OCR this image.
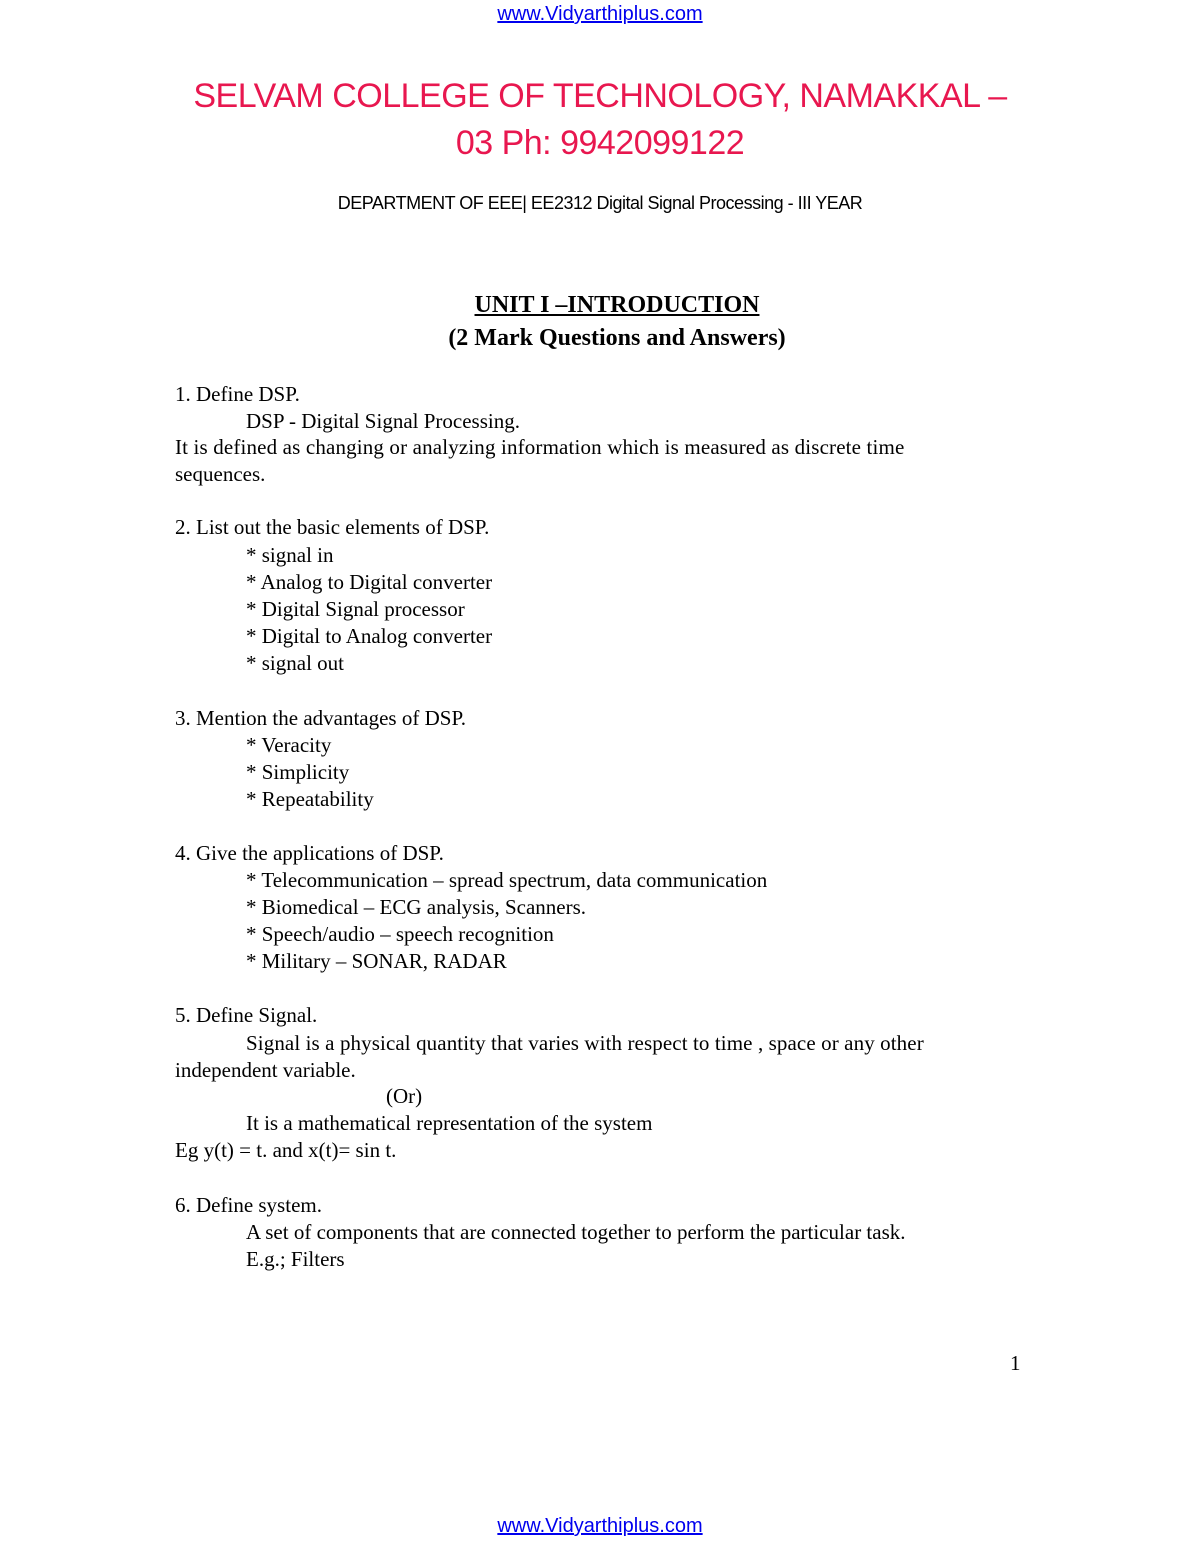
www.Vidyarthiplus.com
SELVAM COLLEGE OF TECHNOLOGY, NAMAKKAL –
03 Ph: 9942099122
DEPARTMENT OF EEE| EE2312 Digital Signal Processing - III YEAR
UNIT I –INTRODUCTION
(2 Mark Questions and Answers)
1. Define DSP.
DSP - Digital Signal Processing.
It is defined as changing or analyzing information which is measured as discrete time
sequences.
2. List out the basic elements of DSP.
* signal in
* Analog to Digital converter
* Digital Signal processor
* Digital to Analog converter
* signal out
3. Mention the advantages of DSP.
* Veracity
* Simplicity
* Repeatability
4. Give the applications of DSP.
* Telecommunication – spread spectrum, data communication
* Biomedical – ECG analysis, Scanners.
* Speech/audio – speech recognition
* Military – SONAR, RADAR
5. Define Signal.
Signal is a physical quantity that varies with respect to time , space or any other
independent variable.
(Or)
It is a mathematical representation of the system
Eg y(t) = t. and x(t)= sin t.
6. Define system.
A set of components that are connected together to perform the particular task.
E.g.; Filters
1
www.Vidyarthiplus.com
